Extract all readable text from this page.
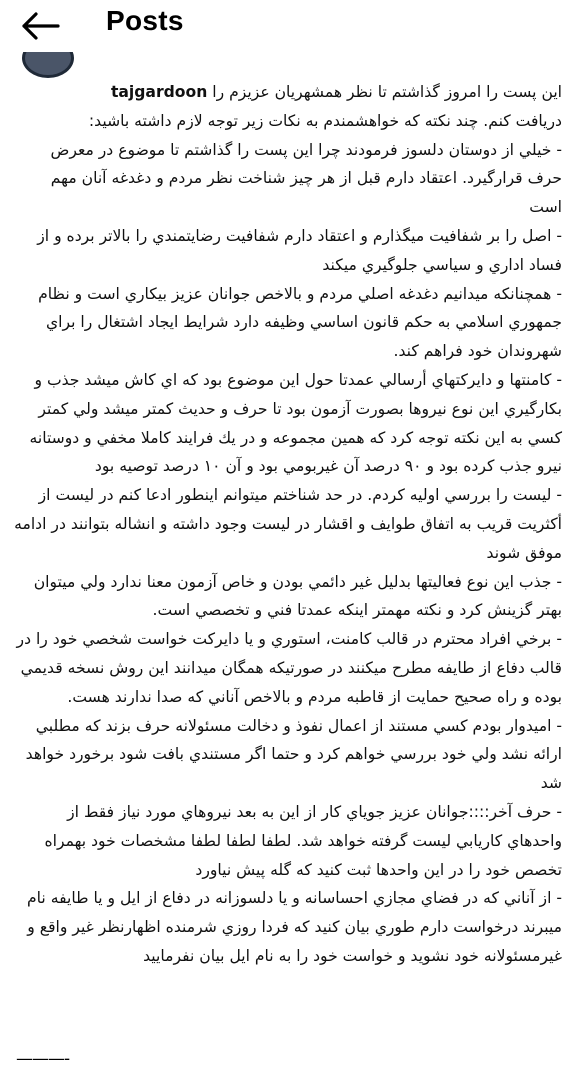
Posts

این پست را امروز گذاشتم تا نظر همشهریان عزیزم را tajgardoon
دریافت کنم. چند نکته که خواهشمندم به نکات زیر توجه لازم داشته باشید:

- خيلي از دوستان دلسوز فرمودند چرا این پست را گذاشتم تا موضوع در معرض حرف قرارگیرد. اعتقاد دارم قبل از هر چيز شناخت نظر مردم و دغدغه آنان مهم است

- اصل را بر شفافيت ميگذارم و اعتقاد دارم شفافيت رضايتمندي را بالاتر برده و از فساد اداري و سياسي جلوگيري ميكند

- همچنانكه ميدانيم دغدغه اصلي مردم و بالاخص جوانان عزيز بيكاري است و نظام جمهوري اسلامي به حكم قانون اساسي وظيفه دارد شرايط ايجاد اشتغال را براي شهروندان خود فراهم كند.

- كامنتها و دايركتهاي أرسالي عمدتا حول اين موضوع بود كه اي كاش ميشد جذب و بكارگيري اين نوع نيروها بصورت آزمون بود تا حرف و حديث كمتر ميشد ولي كمتر كسي به اين نكته توجه كرد كه همين مجموعه و در يك فرايند كاملا مخفي و دوستانه نيرو جذب كرده بود و ۹۰ درصد آن غيربومي بود و آن ۱۰ درصد توصيه بود

- ليست را بررسي اوليه كردم. در حد شناختم ميتوانم اينطور ادعا كنم در ليست از أكثريت قريب به اتفاق طوايف و اقشار در ليست وجود داشته و انشاله بتوانند در ادامه موفق شوند

- جذب اين نوع فعاليتها بدليل غير دائمي بودن و خاص آزمون معنا ندارد ولي ميتوان بهتر گزينش كرد و نكته مهمتر اينكه عمدتا فني و تخصصي است.

- برخي افراد محترم در قالب كامنت، استوري و يا دايركت خواست شخصي خود را در قالب دفاع از طايفه مطرح ميكنند در صورتيكه همگان ميدانند اين روش نسخه قديمي بوده و راه صحيح حمايت از قاطبه مردم و بالاخص آناني كه صدا ندارند هست.

- اميدوار بودم كسي مستند از اعمال نفوذ و دخالت مسئولانه حرف بزند كه مطلبي ارائه نشد ولي خود بررسي خواهم كرد و حتما اگر مستندي بافت شود برخورد خواهد شد

- حرف آخر::::جوانان عزيز جوياي كار از اين به بعد نيروهاي مورد نياز فقط از واحدهاي كاريابي ليست گرفته خواهد شد. لطفا لطفا لطفا مشخصات خود بهمراه تخصص خود را در اين واحدها ثبت كنيد كه گله پيش نياورد

- از آناني كه در فضاي مجازي احساسانه و يا دلسوزانه در دفاع از ايل و يا طايفه نام ميبرند درخواست دارم طوري بيان كنيد كه فردا روزي شرمنده اظهارنظر غير واقع و غيرمسئولانه خود نشويد و خواست خود را به نام ايل بيان نفرماييد

———-
